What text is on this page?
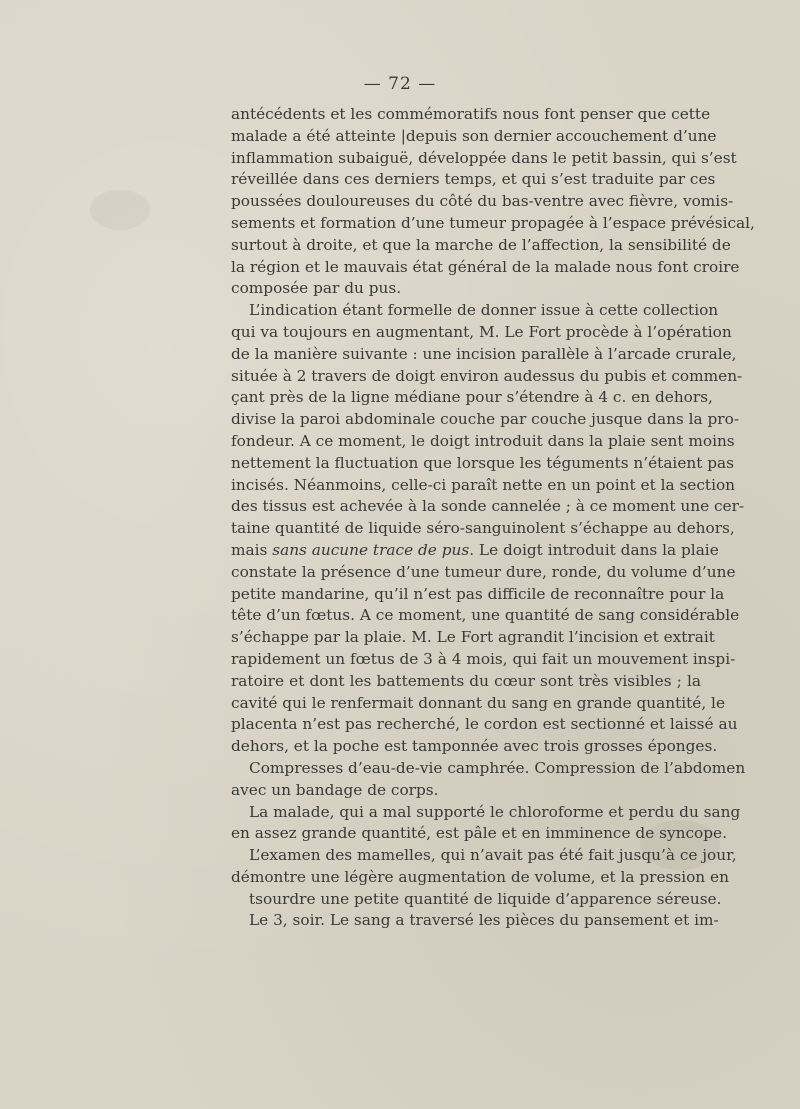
— 72 —
antécédents et les commémoratifs nous font penser que cette
malade a été atteinte |depuis son dernier accouchement d’une
inflammation subaiguë, développée dans le petit bassin, qui s’est
réveillée dans ces derniers temps, et qui s’est traduite par ces
poussées douloureuses du côté du bas-ventre avec fièvre, vomis-
sements et formation d’une tumeur propagée à l’espace prévésical,
surtout à droite, et que la marche de l’affection, la sensibilité de
la région et le mauvais état général de la malade nous font croire
composée par du pus.
L’indication étant formelle de donner issue à cette collection
qui va toujours en augmentant, M. Le Fort procède à l’opération
de la manière suivante : une incision parallèle à l’arcade crurale,
située à 2 travers de doigt environ audessus du pubis et commen-
çant près de la ligne médiane pour s’étendre à 4 c. en dehors,
divise la paroi abdominale couche par couche jusque dans la pro-
fondeur. A ce moment, le doigt introduit dans la plaie sent moins
nettement la fluctuation que lorsque les téguments n’étaient pas
incisés. Néanmoins, celle-ci paraît nette en un point et la section
des tissus est achevée à la sonde cannelée ; à ce moment une cer-
taine quantité de liquide séro-sanguinolent s’échappe au dehors,
mais sans aucune trace de pus. Le doigt introduit dans la plaie
constate la présence d’une tumeur dure, ronde, du volume d’une
petite mandarine, qu’il n’est pas difficile de reconnaître pour la
tête d’un fœtus. A ce moment, une quantité de sang considérable
s’échappe par la plaie. M. Le Fort agrandit l’incision et extrait
rapidement un fœtus de 3 à 4 mois, qui fait un mouvement inspi-
ratoire et dont les battements du cœur sont très visibles ; la
cavité qui le renfermait donnant du sang en grande quantité, le
placenta n’est pas recherché, le cordon est sectionné et laissé au
dehors, et la poche est tamponnée avec trois grosses éponges.
Compresses d’eau-de-vie camphrée. Compression de l’abdomen
avec un bandage de corps.
La malade, qui a mal supporté le chloroforme et perdu du sang
en assez grande quantité, est pâle et en imminence de syncope.
L’examen des mamelles, qui n’avait pas été fait jusqu’à ce jour,
démontre une légère augmentation de volume, et la pression en
tsourdre une petite quantité de liquide d’apparence séreuse.
Le 3, soir. Le sang a traversé les pièces du pansement et im-
